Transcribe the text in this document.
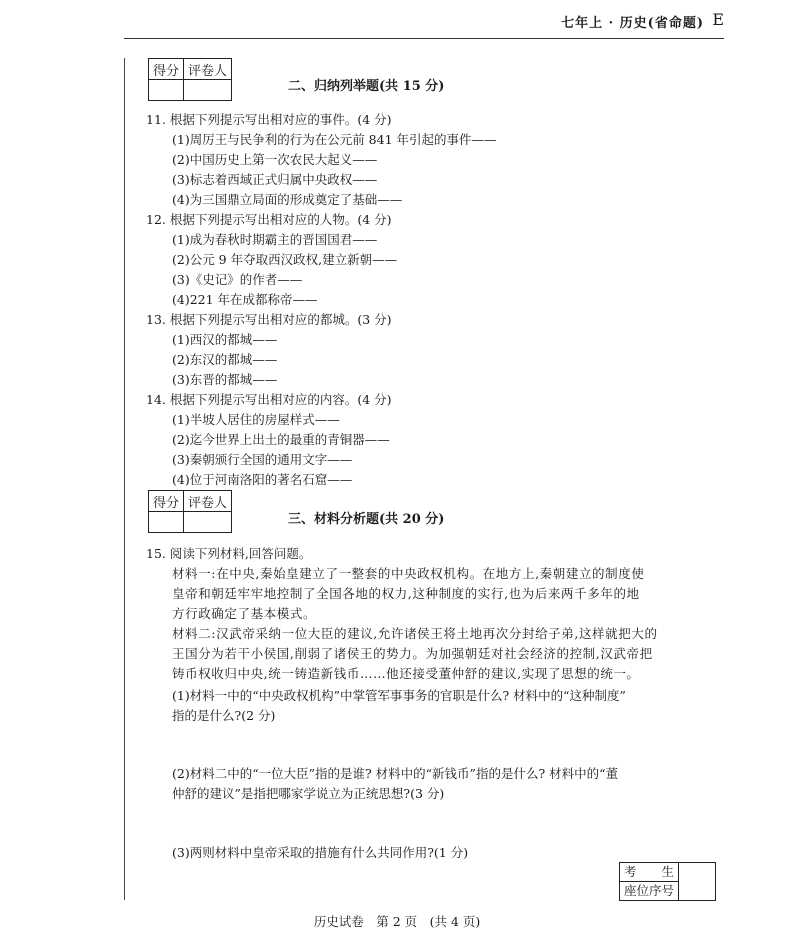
七年上 · 历史(省命题) E
得分	评卷人

二、归纳列举题(共 15 分)
11. 根据下列提示写出相对应的事件。(4 分)
(1)周厉王与民争利的行为在公元前 841 年引起的事件——
(2)中国历史上第一次农民大起义——
(3)标志着西域正式归属中央政权——
(4)为三国鼎立局面的形成奠定了基础——
12. 根据下列提示写出相对应的人物。(4 分)
(1)成为春秋时期霸主的晋国国君——
(2)公元 9 年夺取西汉政权,建立新朝——
(3)《史记》的作者——
(4)221 年在成都称帝——
13. 根据下列提示写出相对应的都城。(3 分)
(1)西汉的都城——
(2)东汉的都城——
(3)东晋的都城——
14. 根据下列提示写出相对应的内容。(4 分)
(1)半坡人居住的房屋样式——
(2)迄今世界上出土的最重的青铜器——
(3)秦朝颁行全国的通用文字——
(4)位于河南洛阳的著名石窟——
得分	评卷人

三、材料分析题(共 20 分)
15. 阅读下列材料,回答问题。
材料一:在中央,秦始皇建立了一整套的中央政权机构。在地方上,秦朝建立的制度使
皇帝和朝廷牢牢地控制了全国各地的权力,这种制度的实行,也为后来两千多年的地
方行政确定了基本模式。
材料二:汉武帝采纳一位大臣的建议,允许诸侯王将土地再次分封给子弟,这样就把大的
王国分为若干小侯国,削弱了诸侯王的势力。为加强朝廷对社会经济的控制,汉武帝把
铸币权收归中央,统一铸造新钱币……他还接受董仲舒的建议,实现了思想的统一。
(1)材料一中的“中央政权机构”中掌管军事事务的官职是什么? 材料中的“这种制度”
指的是什么?(2 分)
(2)材料二中的“一位大臣”指的是谁? 材料中的“新钱币”指的是什么? 材料中的“董
仲舒的建议”是指把哪家学说立为正统思想?(3 分)
(3)两则材料中皇帝采取的措施有什么共同作用?(1 分)
考　　生	
座位序号
历史试卷　第 2 页　(共 4 页)
